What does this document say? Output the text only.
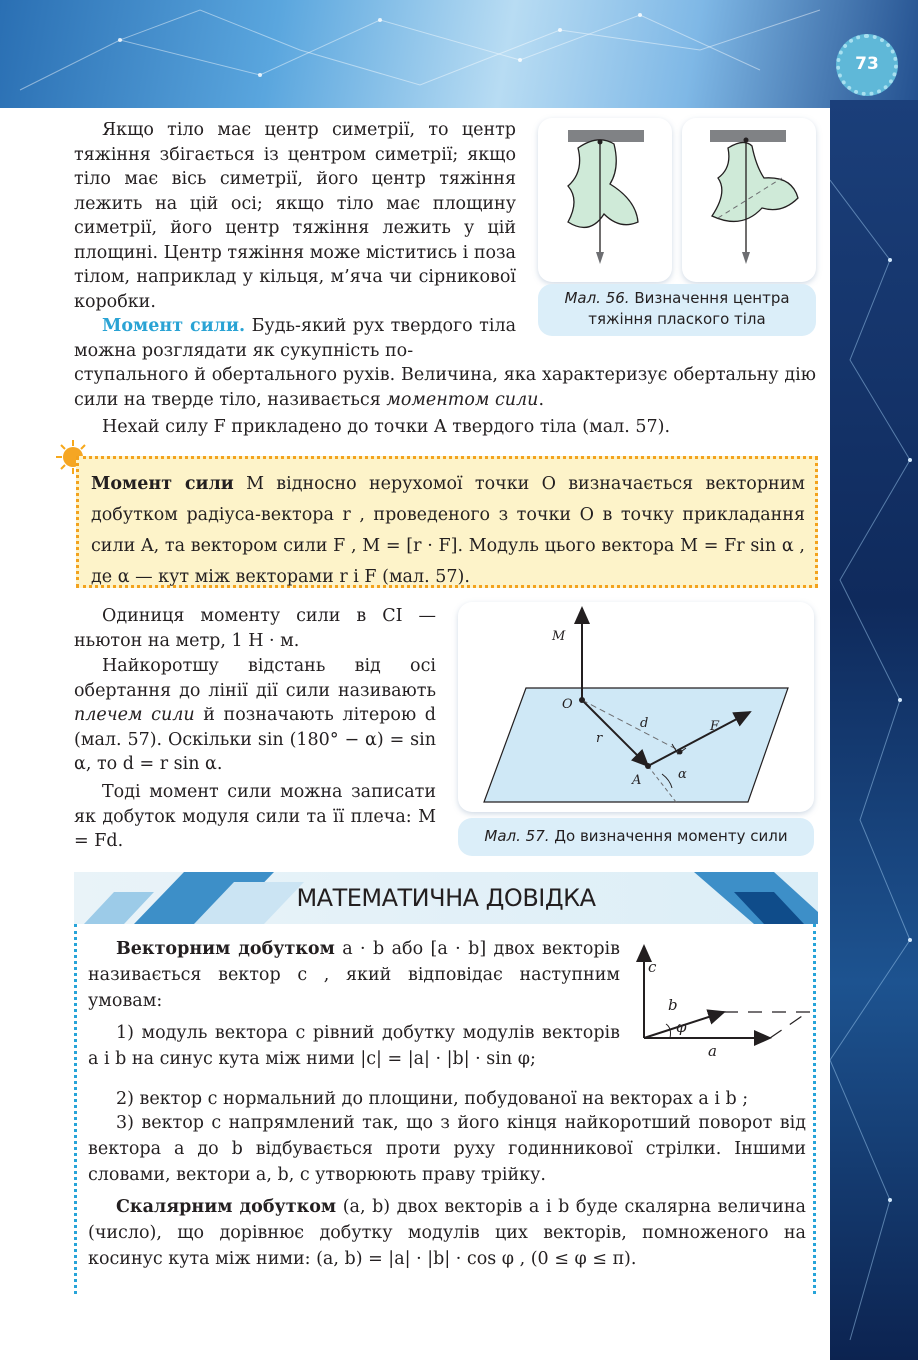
73

Якщо тіло має центр симетрії, то центр тяжіння збігається із центром симетрії; якщо тіло має вісь симетрії, його центр тяжіння лежить на цій осі; якщо тіло має площину симетрії, його центр тяжіння лежить у цій площині. Центр тяжіння може міститись і поза тілом, наприклад у кільця, м’яча чи сірникової коробки.	Мал. 56. Визначення центра тяжіння плаского тіла

Момент сили. Будь-який рух твердого тіла можна розглядати як сукупність по-

ступального й обертального рухів. Величина, яка характеризує обертальну дію сили на тверде тіло, називається моментом сили.

Нехай силу F прикладено до точки A твердого тіла (мал. 57).

Момент сили M відносно нерухомої точки O визначається векторним добутком радіуса-вектора r , проведеного з точки O в точку прикладання сили A, та вектором сили F , M = [r · F]. Модуль цього вектора M = Fr sin α , де α — кут між векторами r і F (мал. 57).

Одиниця моменту сили в СІ — ньютон на метр, 1 Н · м.

Найкоротшу відстань від осі обертання до лінії дії сили називають плечем сили й позначають літерою d (мал. 57). Оскільки sin (180° − α) = sin α, то d = r sin α.

Тоді момент сили можна записати як добуток модуля сили та її плеча: M = Fd.

M
O
d	F
r
A	α
Мал. 57. До визначення моменту сили
МАТЕМАТИЧНА ДОВІДКА

Векторним добутком a · b або [a · b] двох векторів називається вектор c , який відповідає наступним умовам:

1) модуль вектора c рівний добутку модулів векторів a і b на синус кута між ними |c| = |a| · |b| · sin φ;

2) вектор c нормальний до площини, побудованої на векторах a і b ;

3) вектор c напрямлений так, що з його кінця найкоротший поворот від вектора a до b відбувається проти руху годинникової стрілки. Іншими словами, вектори a, b, c утворюють праву трійку.

Скалярним добутком (a, b) двох векторів a і b буде скалярна величина (число), що дорівнює добутку модулів цих векторів, помноженого на косинус кута між ними: (a, b) = |a| · |b| · cos φ , (0 ≤ φ ≤ π).

c
b
φ
a
